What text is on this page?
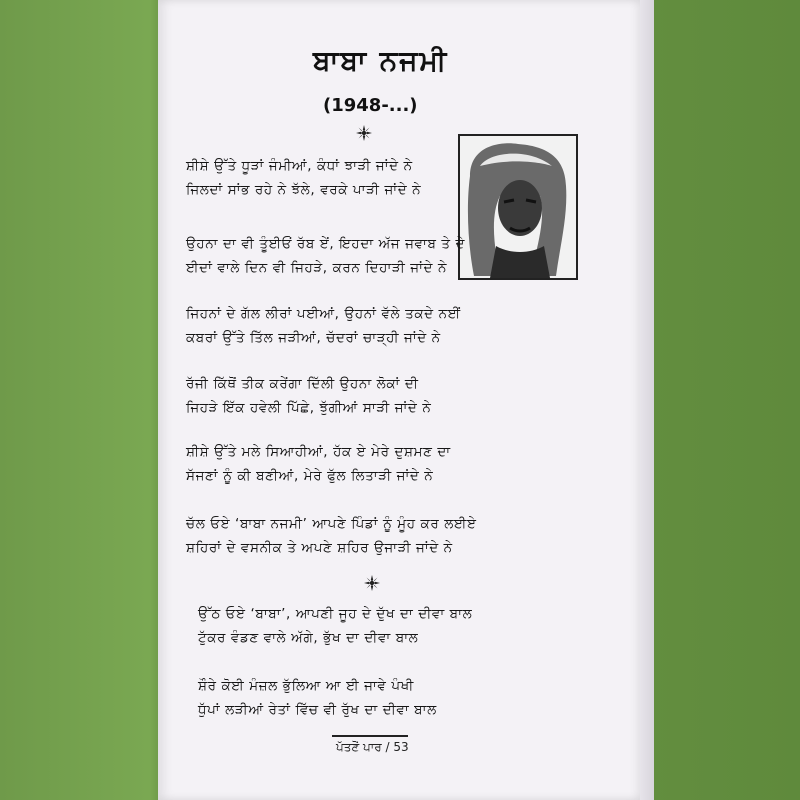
ਬਾਬਾ ਨਜਮੀ
(1948-...)
ਸ਼ੀਸ਼ੇ ਉੱਤੇ ਧੂੜਾਂ ਜੰਮੀਆਂ, ਕੰਧਾਂ ਝਾੜੀ ਜਾਂਦੇ ਨੇ
ਜਿਲਦਾਂ ਸਾਂਭ ਰਹੇ ਨੇ ਝੱਲੇ, ਵਰਕੇ ਪਾੜੀ ਜਾਂਦੇ ਨੇ
ਉਹਨਾ ਦਾ ਵੀ ਤੂੰਈਓਂ ਰੱਬ ਏਂ, ਇਹਦਾ ਅੱਜ ਜਵਾਬ ਤੇ ਦੇ
ਈਦਾਂ ਵਾਲੇ ਦਿਨ ਵੀ ਜਿਹੜੇ, ਕਰਨ ਦਿਹਾੜੀ ਜਾਂਦੇ ਨੇ
ਜਿਹਨਾਂ ਦੇ ਗੱਲ ਲੀਰਾਂ ਪਈਆਂ, ਉਹਨਾਂ ਵੱਲੇ ਤਕਦੇ ਨਈਂ
ਕਬਰਾਂ ਉੱਤੇ ਤਿੱਲ ਜੜੀਆਂ, ਚੱਦਰਾਂ ਚਾੜ੍ਹੀ ਜਾਂਦੇ ਨੇ
ਰੱਜੀ ਕਿੱਥੋਂ ਤੀਕ ਕਰੇਂਗਾ ਦਿੱਲੀ ਉਹਨਾ ਲੋਕਾਂ ਦੀ
ਜਿਹੜੇ ਇੱਕ ਹਵੇਲੀ ਪਿੱਛੇ, ਝੁੱਗੀਆਂ ਸਾੜੀ ਜਾਂਦੇ ਨੇ
ਸ਼ੀਸ਼ੇ ਉੱਤੇ ਮਲੇ ਸਿਆਹੀਆਂ, ਹੱਕ ਏ ਮੇਰੇ ਦੁਸ਼ਮਣ ਦਾ
ਸੱਜਣਾਂ ਨੂੰ ਕੀ ਬਣੀਆਂ, ਮੇਰੇ ਫੁੱਲ ਲਿਤਾੜੀ ਜਾਂਦੇ ਨੇ
ਚੱਲ ਓਏ ‘ਬਾਬਾ ਨਜਮੀ’ ਆਪਣੇ ਪਿੰਡਾਂ ਨੂੰ ਮੂੰਹ ਕਰ ਲਈਏ
ਸ਼ਹਿਰਾਂ ਦੇ ਵਸਨੀਕ ਤੇ ਅਪਣੇ ਸ਼ਹਿਰ ਉਜਾੜੀ ਜਾਂਦੇ ਨੇ
ਉੱਠ ਓਏ ‘ਬਾਬਾ’, ਆਪਣੀ ਜੂਹ ਦੇ ਦੁੱਖ ਦਾ ਦੀਵਾ ਬਾਲ
ਟੁੱਕਰ ਵੰਡਣ ਵਾਲੇ ਅੱਗੇ, ਭੁੱਖ ਦਾ ਦੀਵਾ ਬਾਲ
ਸ਼ੌਰੇ ਕੋਈ ਮੰਜ਼ਲ ਭੁੱਲਿਆ ਆ ਈ ਜਾਵੇ ਪੰਖੀ
ਧੁੱਪਾਂ ਲੜੀਆਂ ਰੇਤਾਂ ਵਿੱਚ ਵੀ ਰੁੱਖ ਦਾ ਦੀਵਾ ਬਾਲ
ਪੱਤਣੋਂ ਪਾਰ / 53
